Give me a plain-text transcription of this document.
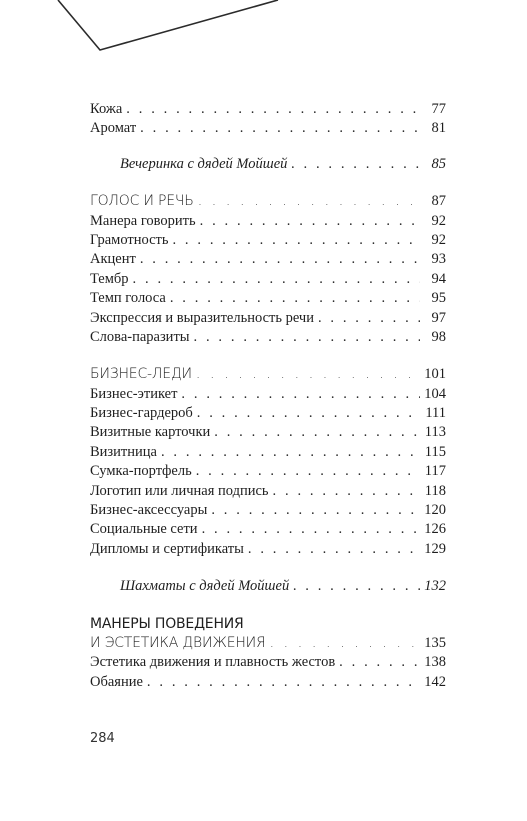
Кожа . . .	77
Аромат . . .	81
Вечеринка с дядей Мойшей . . .	85
ГОЛОС И РЕЧЬ . . .	87
Манера говорить . . .	92
Грамотность . . .	92
Акцент . . .	93
Тембр . . .	94
Темп голоса . . .	95
Экспрессия и выразительность речи . . .	97
Слова-паразиты . . .	98
БИЗНЕС-ЛЕДИ . . .	101
Бизнес-этикет . . .	104
Бизнес-гардероб . . .	111
Визитные карточки . . .	113
Визитница . . .	115
Сумка-портфель . . .	117
Логотип или личная подпись . . .	118
Бизнес-аксессуары . . .	120
Социальные сети . . .	126
Дипломы и сертификаты . . .	129
Шахматы с дядей Мойшей . . .	132
МАНЕРЫ ПОВЕДЕНИЯ
И ЭСТЕТИКА ДВИЖЕНИЯ . . .	135
Эстетика движения и плавность жестов . . .	138
Обаяние . . .	142
284
